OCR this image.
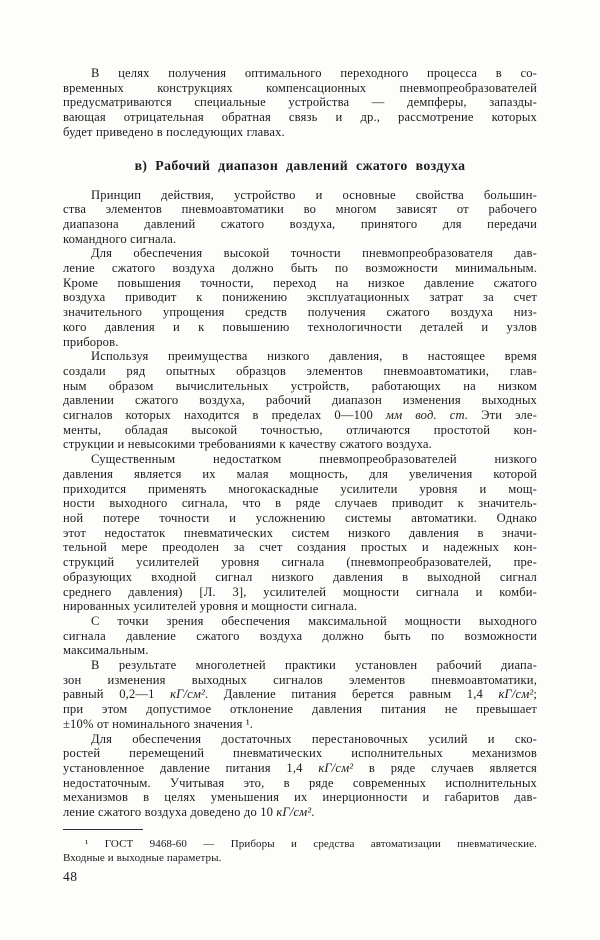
В целях получения оптимального переходного процесса в со-
временных конструкциях компенсационных пневмопреобразователей
предусматриваются специальные устройства — демпферы, запазды-
вающая отрицательная обратная связь и др., рассмотрение которых
будет приведено в последующих главах.
в) Рабочий диапазон давлений сжатого воздуха
Принцип действия, устройство и основные свойства большин-
ства элементов пневмоавтоматики во многом зависят от рабочего
диапазона давлений сжатого воздуха, принятого для передачи
командного сигнала.
Для обеспечения высокой точности пневмопреобразователя дав-
ление сжатого воздуха должно быть по возможности минимальным.
Кроме повышения точности, переход на низкое давление сжатого
воздуха приводит к понижению эксплуатационных затрат за счет
значительного упрощения средств получения сжатого воздуха низ-
кого давления и к повышению технологичности деталей и узлов
приборов.
Используя преимущества низкого давления, в настоящее время
создали ряд опытных образцов элементов пневмоавтоматики, глав-
ным образом вычислительных устройств, работающих на низком
давлении сжатого воздуха, рабочий диапазон изменения выходных
сигналов которых находится в пределах 0—100 мм вод. ст. Эти эле-
менты, обладая высокой точностью, отличаются простотой кон-
струкции и невысокими требованиями к качеству сжатого воздуха.
Существенным недостатком пневмопреобразователей низкого
давления является их малая мощность, для увеличения которой
приходится применять многокаскадные усилители уровня и мощ-
ности выходного сигнала, что в ряде случаев приводит к значитель-
ной потере точности и усложнению системы автоматики. Однако
этот недостаток пневматических систем низкого давления в значи-
тельной мере преодолен за счет создания простых и надежных кон-
струкций усилителей уровня сигнала (пневмопреобразователей, пре-
образующих входной сигнал низкого давления в выходной сигнал
среднего давления) [Л. 3], усилителей мощности сигнала и комби-
нированных усилителей уровня и мощности сигнала.
С точки зрения обеспечения максимальной мощности выходного
сигнала давление сжатого воздуха должно быть по возможности
максимальным.
В результате многолетней практики установлен рабочий диапа-
зон изменения выходных сигналов элементов пневмоавтоматики,
равный 0,2—1 кГ/см². Давление питания берется равным 1,4 кГ/см²;
при этом допустимое отклонение давления питания не превышает
±10% от номинального значения ¹.
Для обеспечения достаточных перестановочных усилий и ско-
ростей перемещений пневматических исполнительных механизмов
установленное давление питания 1,4 кГ/см² в ряде случаев является
недостаточным. Учитывая это, в ряде современных исполнительных
механизмов в целях уменьшения их инерционности и габаритов дав-
ление сжатого воздуха доведено до 10 кГ/см².
¹ ГОСТ 9468-60 — Приборы и средства автоматизации пневматические.
Входные и выходные параметры.
48
